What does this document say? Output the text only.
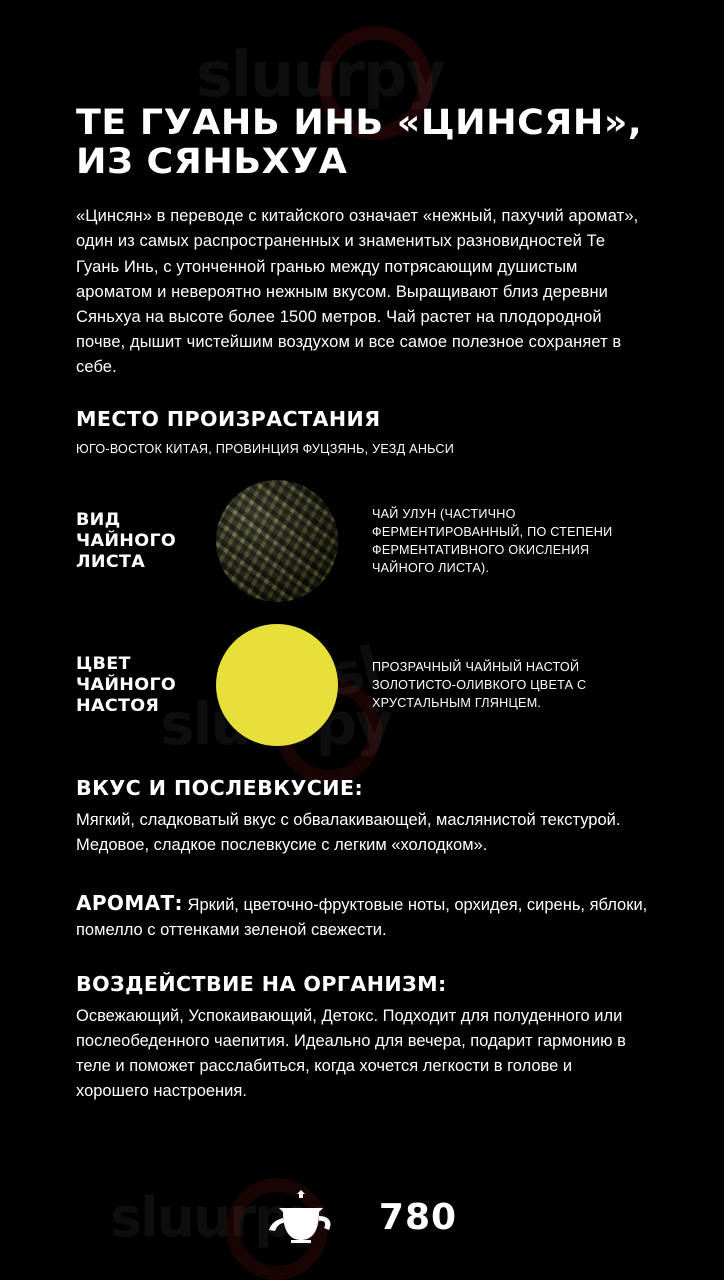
sluurpy
sl
sluurpy
ТЕ ГУАНЬ ИНЬ «ЦИНСЯН»,
ИЗ СЯНЬХУА

«Цинсян» в переводе с китайского означает «нежный, пахучий аромат», один из самых распространенных и знаменитых разновидностей Те Гуань Инь, с утонченной гранью между потрясающим душистым ароматом и невероятно нежным вкусом. Выращивают близ деревни Сяньхуа на высоте более 1500 метров. Чай растет на плодородной почве, дышит чистейшим воздухом и все самое полезное сохраняет в себе.

МЕСТО ПРОИЗРАСТАНИЯ
ЮГО-ВОСТОК КИТАЯ, ПРОВИНЦИЯ ФУЦЗЯНЬ, УЕЗД АНЬСИ
ВИД ЧАЙНОГО ЛИСТА
ЧАЙ УЛУН (ЧАСТИЧНО ФЕРМЕНТИРОВАННЫЙ, ПО СТЕПЕНИ ФЕРМЕНТАТИВНОГО ОКИСЛЕНИЯ ЧАЙНОГО ЛИСТА).
ЦВЕТ ЧАЙНОГО НАСТОЯ
ПРОЗРАЧНЫЙ ЧАЙНЫЙ НАСТОЙ ЗОЛОТИСТО-ОЛИВКОГО ЦВЕТА С ХРУСТАЛЬНЫМ ГЛЯНЦЕМ.
ВКУС И ПОСЛЕВКУСИЕ:

Мягкий, сладковатый вкус с обвалакивающей, маслянистой текстурой. Медовое, сладкое послевкусие с легким «холодком».

АРОМАТ: Яркий, цветочно-фруктовые ноты, орхидея, сирень, яблоки, помелло с оттенками зеленой свежести.

ВОЗДЕЙСТВИЕ НА ОРГАНИЗМ:

Освежающий, Успокаивающий, Детокс. Подходит для полуденного или послеобеденного чаепития. Идеально для вечера, подарит гармонию в теле и поможет расслабиться, когда хочется легкости в голове и хорошего настроения.

780
